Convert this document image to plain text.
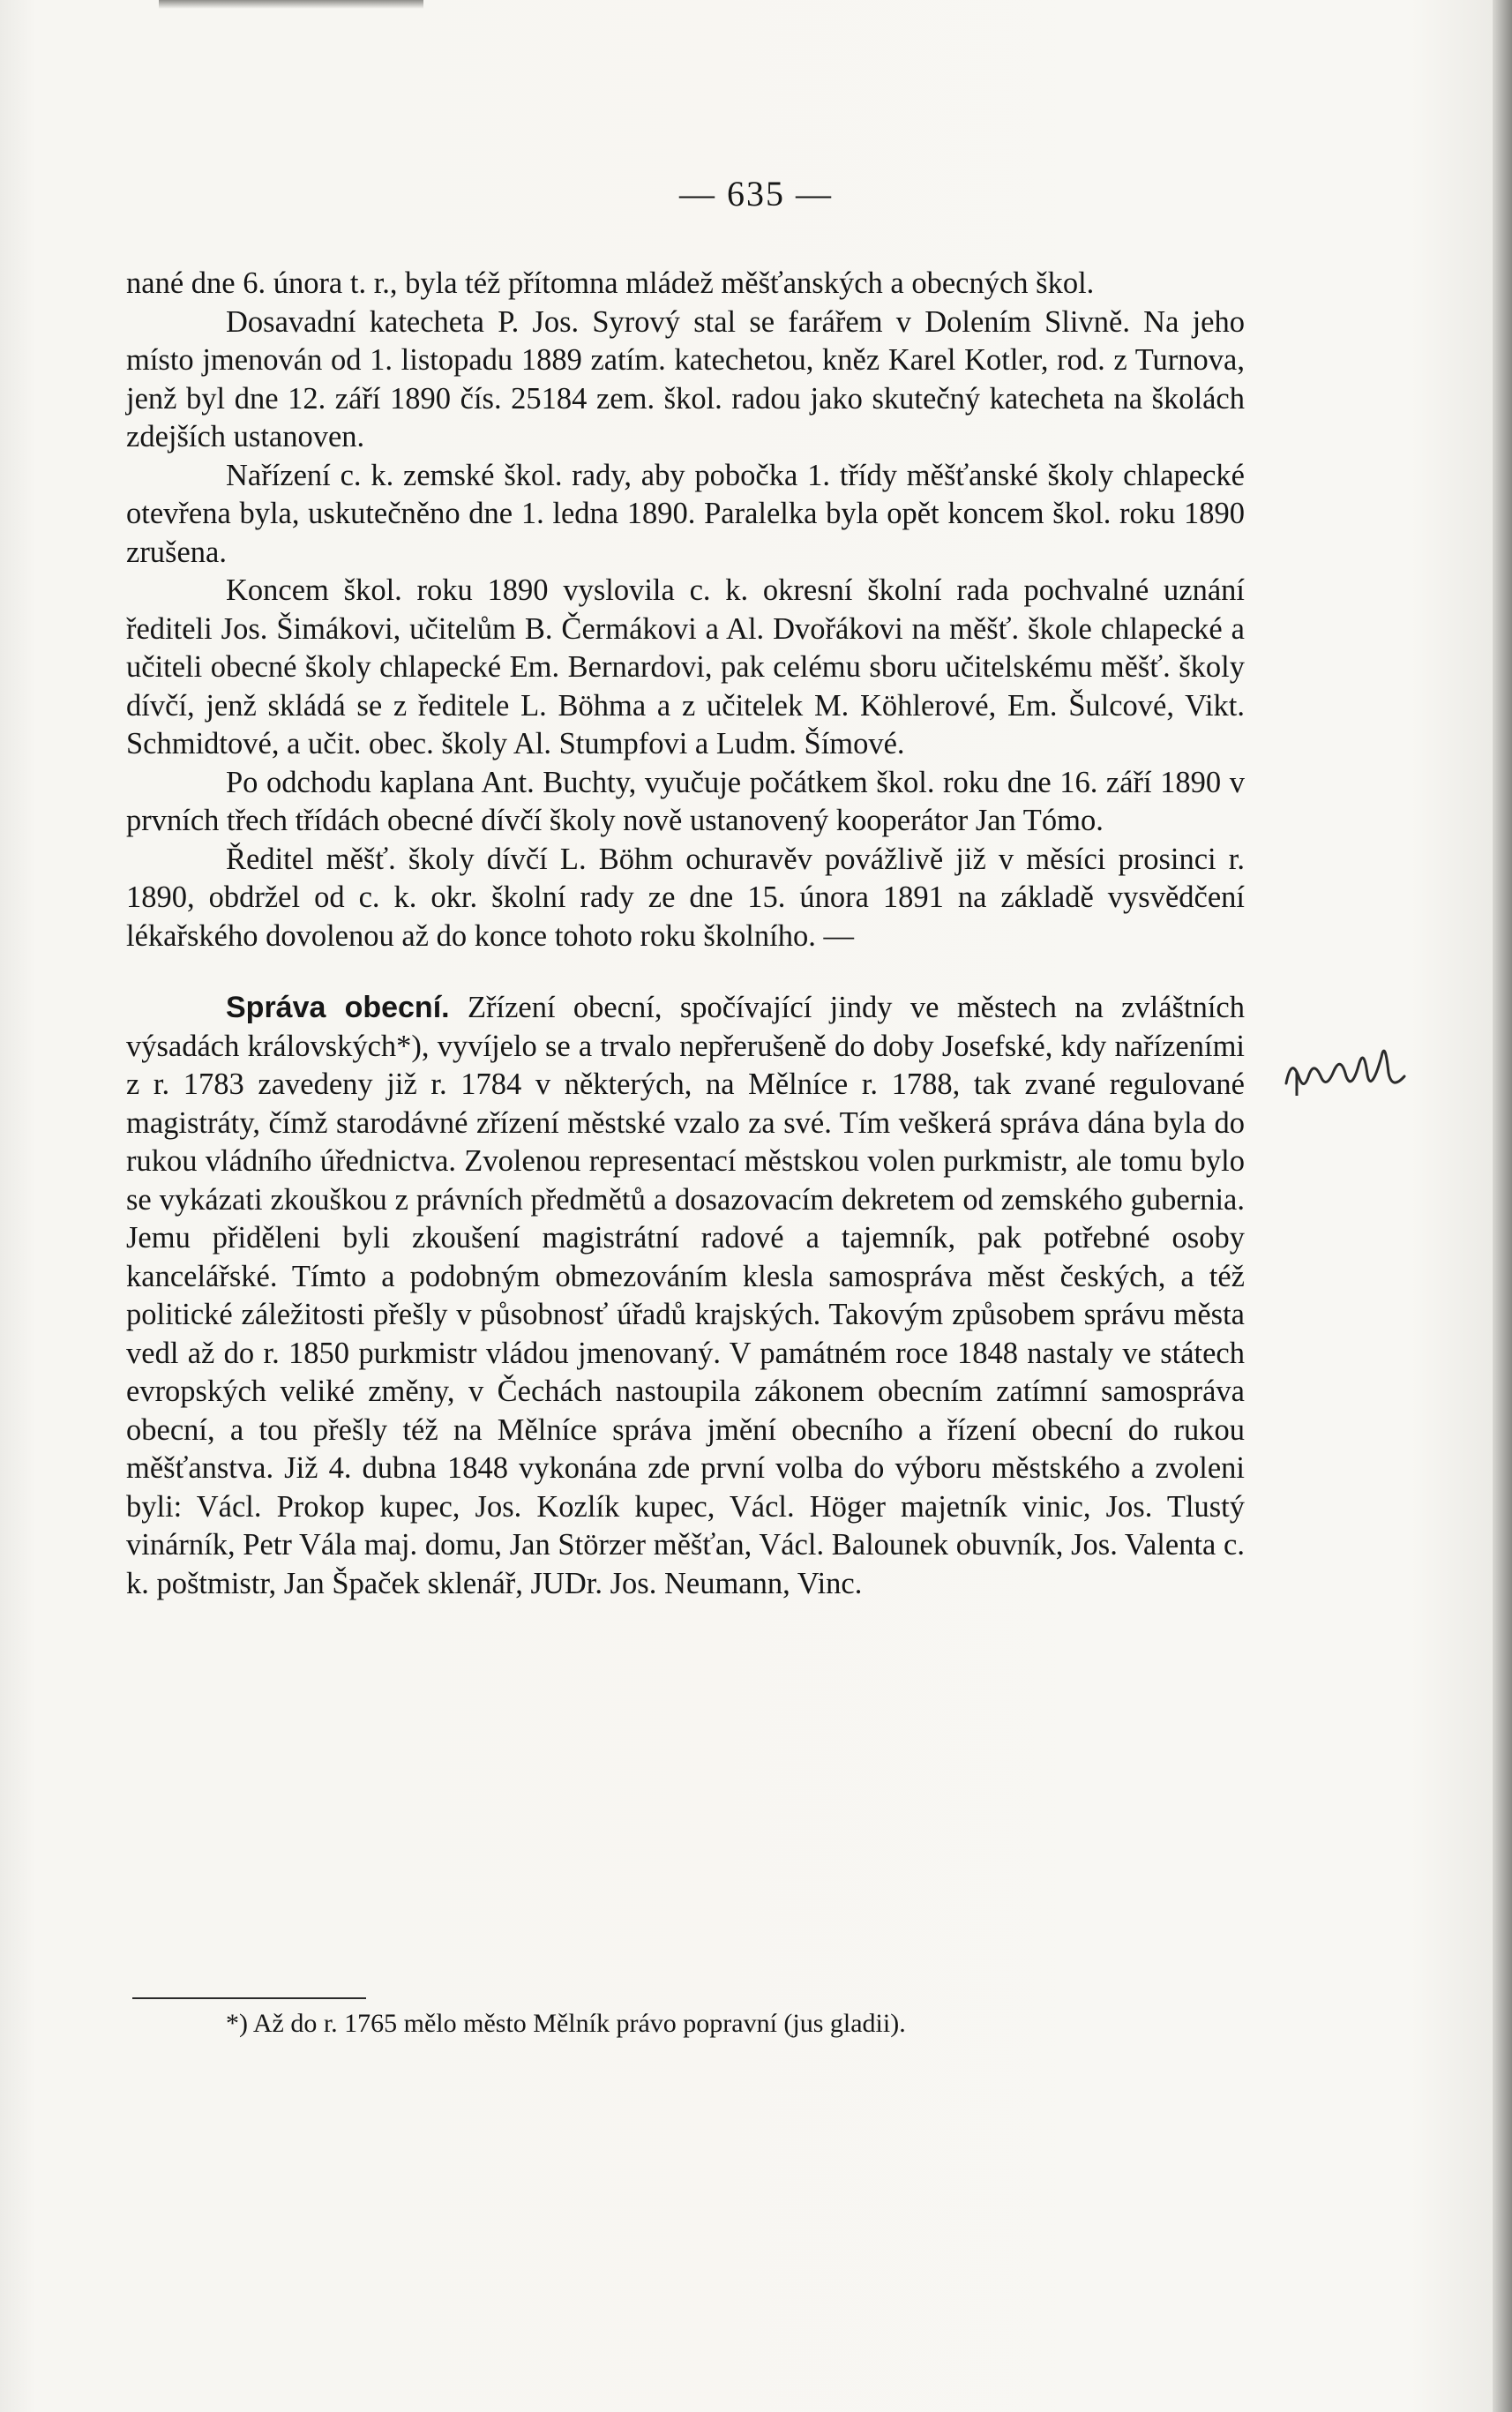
— 635 —

nané dne 6. února t. r., byla též přítomna mládež měšťanských a obecných škol.

Dosavadní katecheta P. Jos. Syrový stal se farářem v Dolením Slivně. Na jeho místo jmenován od 1. listopadu 1889 zatím. katechetou, kněz Karel Kotler, rod. z Turnova, jenž byl dne 12. září 1890 čís. 25184 zem. škol. radou jako skutečný katecheta na školách zdejších ustanoven.

Nařízení c. k. zemské škol. rady, aby pobočka 1. třídy měšťanské školy chlapecké otevřena byla, uskutečněno dne 1. ledna 1890. Paralelka byla opět koncem škol. roku 1890 zrušena.

Koncem škol. roku 1890 vyslovila c. k. okresní školní rada pochvalné uznání řediteli Jos. Šimákovi, učitelům B. Čermákovi a Al. Dvořákovi na měšť. škole chlapecké a učiteli obecné školy chlapecké Em. Bernardovi, pak celému sboru učitelskému měšť. školy dívčí, jenž skládá se z ředitele L. Böhma a z učitelek M. Köhlerové, Em. Šulcové, Vikt. Schmidtové, a učit. obec. školy Al. Stumpfovi a Ludm. Šímové.

Po odchodu kaplana Ant. Buchty, vyučuje počátkem škol. roku dne 16. září 1890 v prvních třech třídách obecné dívčí školy nově ustanovený kooperátor Jan Tómo.

Ředitel měšť. školy dívčí L. Böhm ochuravěv povážlivě již v měsíci prosinci r. 1890, obdržel od c. k. okr. školní rady ze dne 15. února 1891 na základě vysvědčení lékařského dovolenou až do konce tohoto roku školního. —

Správa obecní. Zřízení obecní, spočívající jindy ve městech na zvláštních výsadách královských*), vyvíjelo se a trvalo nepřerušeně do doby Josefské, kdy nařízeními z r. 1783 zavedeny již r. 1784 v některých, na Mělníce r. 1788, tak zvané regulované magistráty, čímž starodávné zřízení městské vzalo za své. Tím veškerá správa dána byla do rukou vládního úřednictva. Zvolenou representací městskou volen purkmistr, ale tomu bylo se vykázati zkouškou z právních předmětů a dosazovacím dekretem od zemského gubernia. Jemu přiděleni byli zkoušení magistrátní radové a tajemník, pak potřebné osoby kancelářské. Tímto a podobným obmezováním klesla samospráva měst českých, a též politické záležitosti přešly v působnosť úřadů krajských. Takovým způsobem správu města vedl až do r. 1850 purkmistr vládou jmenovaný. V památném roce 1848 nastaly ve státech evropských veliké změny, v Čechách nastoupila zákonem obecním zatímní samospráva obecní, a tou přešly též na Mělníce správa jmění obecního a řízení obecní do rukou měšťanstva. Již 4. dubna 1848 vykonána zde první volba do výboru městského a zvoleni byli: Václ. Prokop kupec, Jos. Kozlík kupec, Václ. Höger majetník vinic, Jos. Tlustý vinárník, Petr Vála maj. domu, Jan Störzer měšťan, Václ. Balounek obuvník, Jos. Valenta c. k. poštmistr, Jan Špaček sklenář, JUDr. Jos. Neumann, Vinc.

*) Až do r. 1765 mělo město Mělník právo popravní (jus gladii).
